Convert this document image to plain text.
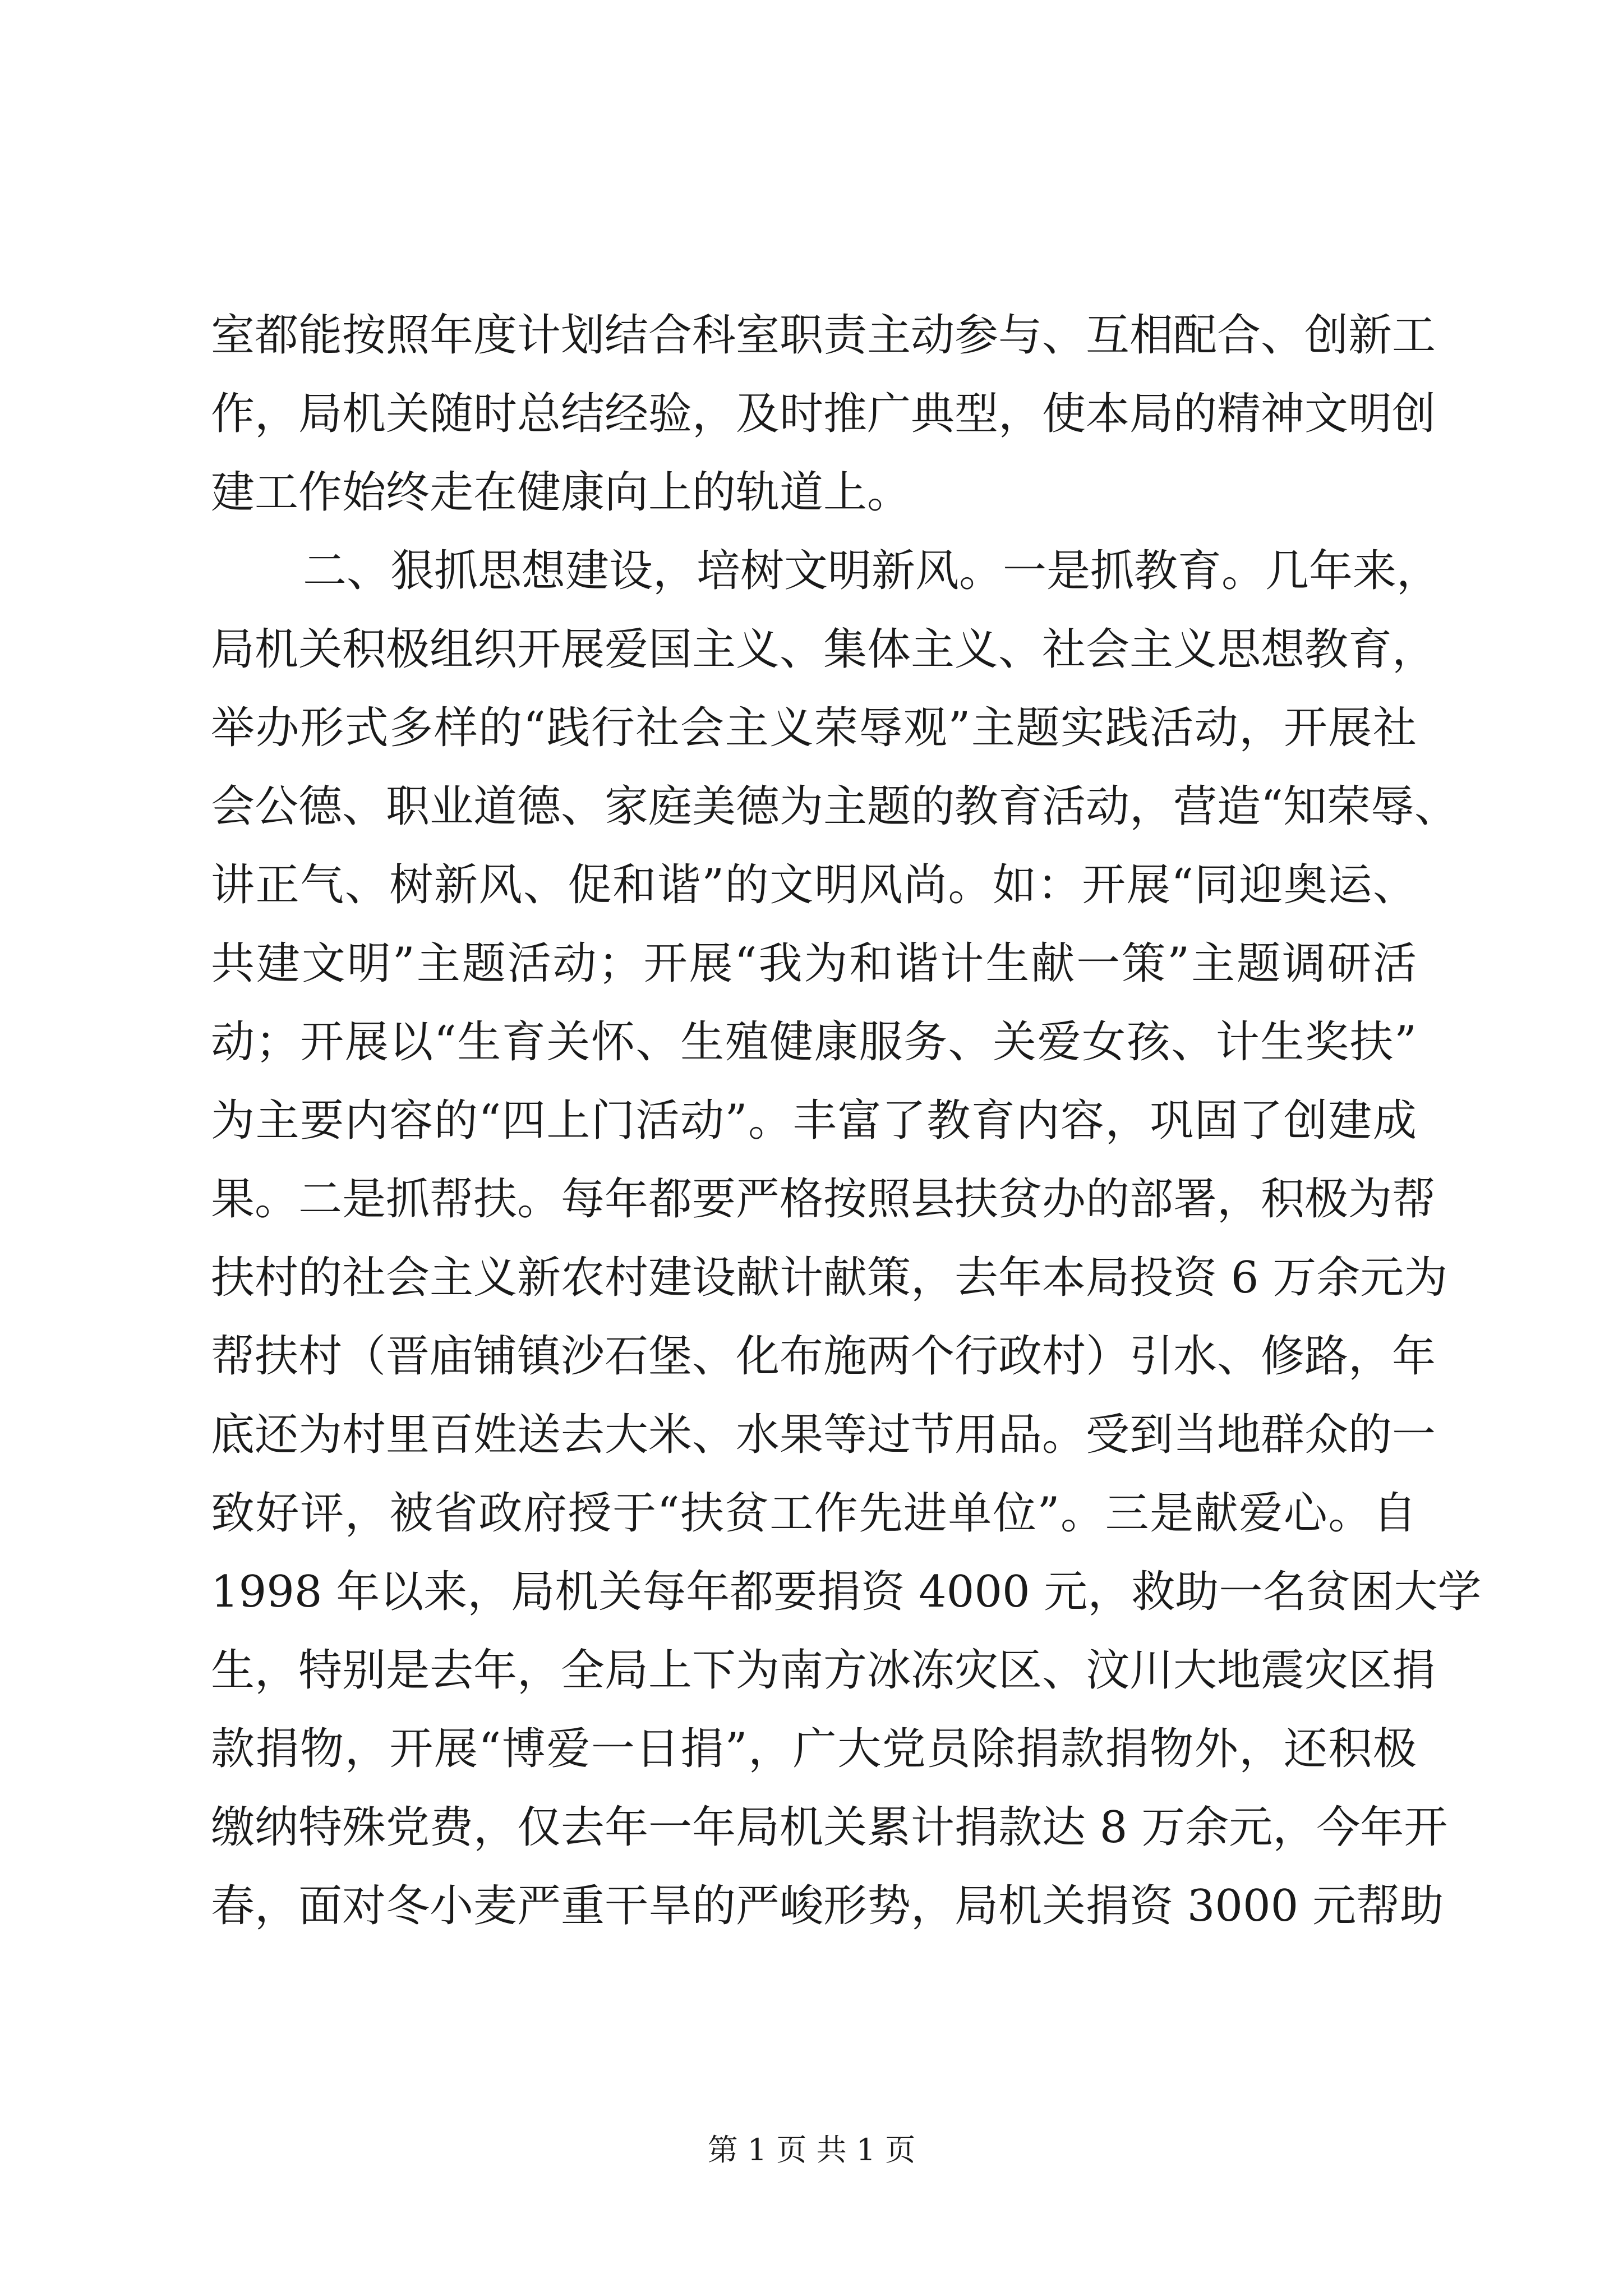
室都能按照年度计划结合科室职责主动参与、互相配合、创新工
作，局机关随时总结经验，及时推广典型，使本局的精神文明创
建工作始终走在健康向上的轨道上。
二、狠抓思想建设，培树文明新风。一是抓教育。几年来，
局机关积极组织开展爱国主义、集体主义、社会主义思想教育，
举办形式多样的“践行社会主义荣辱观”主题实践活动，开展社
会公德、职业道德、家庭美德为主题的教育活动，营造“知荣辱、
讲正气、树新风、促和谐”的文明风尚。如：开展“同迎奥运、
共建文明”主题活动；开展“我为和谐计生献一策”主题调研活
动；开展以“生育关怀、生殖健康服务、关爱女孩、计生奖扶”
为主要内容的“四上门活动”。丰富了教育内容，巩固了创建成
果。二是抓帮扶。每年都要严格按照县扶贫办的部署，积极为帮
扶村的社会主义新农村建设献计献策，去年本局投资 6 万余元为
帮扶村（晋庙铺镇沙石堡、化布施两个行政村）引水、修路，年
底还为村里百姓送去大米、水果等过节用品。受到当地群众的一
致好评，被省政府授于“扶贫工作先进单位”。三是献爱心。自
1998 年以来，局机关每年都要捐资 4000 元，救助一名贫困大学
生，特别是去年，全局上下为南方冰冻灾区、汶川大地震灾区捐
款捐物，开展“博爱一日捐”，广大党员除捐款捐物外，还积极
缴纳特殊党费，仅去年一年局机关累计捐款达 8 万余元，今年开
春，面对冬小麦严重干旱的严峻形势，局机关捐资 3000 元帮助
第 1 页 共 1 页
